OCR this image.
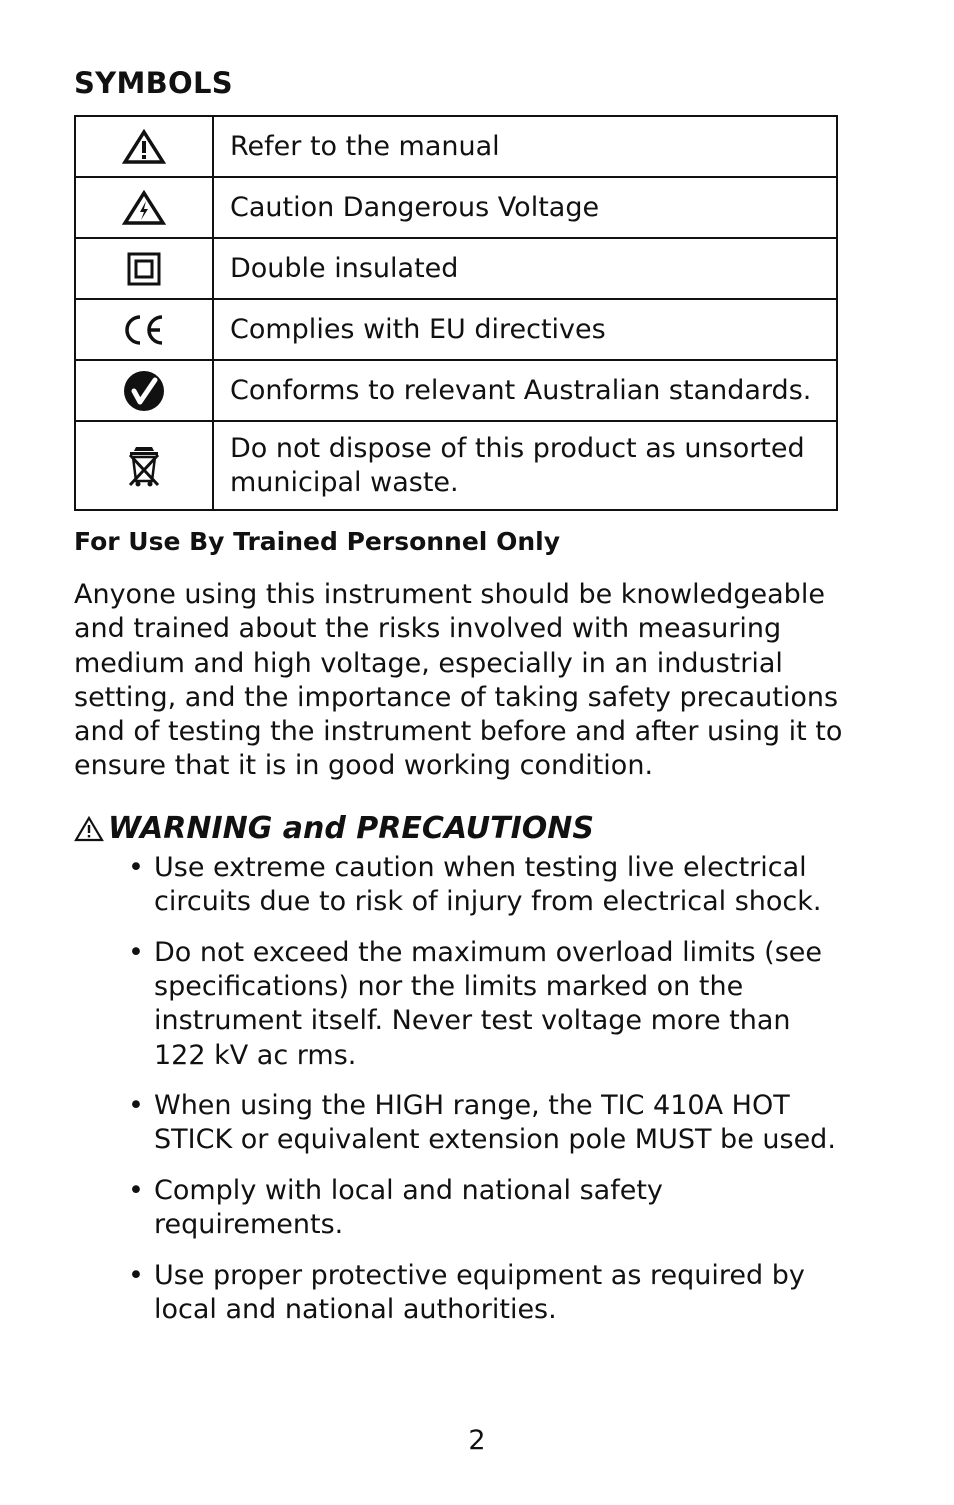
SYMBOLS
	Refer to the manual

	Caution Dangerous Voltage

	Double insulated

	Complies with EU directives

	Conforms to relevant Australian standards.

	Do not dispose of this product as unsorted municipal waste.
For Use By Trained Personnel Only

Anyone using this instrument should be knowledgeable and trained about the risks involved with measuring medium and high voltage, especially in an industrial setting, and the importance of taking safety precautions and of testing the instrument before and after using it to ensure that it is in good working condition.

WARNING and PRECAUTIONS
• Use extreme caution when testing live electrical circuits due to risk of injury from electrical shock.
• Do not exceed the maximum overload limits (see specifications) nor the limits marked on the instrument itself. Never test voltage more than 122 kV ac rms.
• When using the HIGH range, the TIC 410A HOT STICK or equivalent extension pole MUST be used.
• Comply with local and national safety requirements.
• Use proper protective equipment as required by local and national authorities.

2
